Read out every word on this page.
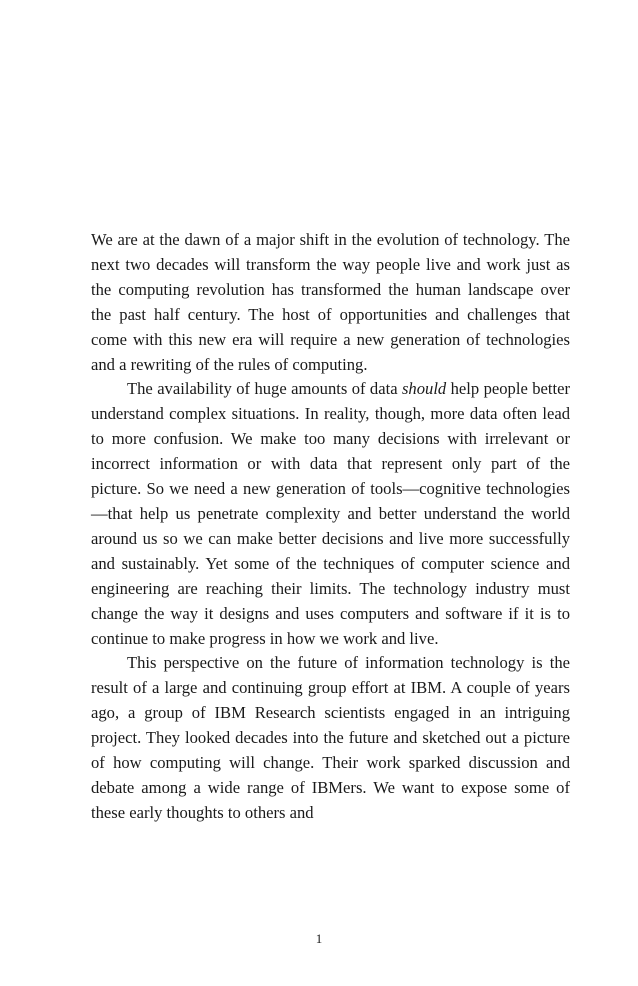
We are at the dawn of a major shift in the evolution of technology. The next two decades will transform the way people live and work just as the computing revolution has transformed the human landscape over the past half century. The host of opportunities and challenges that come with this new era will require a new generation of technologies and a rewriting of the rules of computing.

The availability of huge amounts of data should help people better understand complex situations. In reality, though, more data often lead to more confusion. We make too many decisions with irrelevant or incorrect information or with data that represent only part of the picture. So we need a new generation of tools—cognitive technologies—that help us penetrate complexity and better understand the world around us so we can make better decisions and live more successfully and sustainably. Yet some of the techniques of computer science and engineering are reaching their limits. The technology industry must change the way it designs and uses computers and software if it is to continue to make progress in how we work and live.

This perspective on the future of information technology is the result of a large and continuing group effort at IBM. A couple of years ago, a group of IBM Research scientists engaged in an intriguing project. They looked decades into the future and sketched out a picture of how computing will change. Their work sparked discussion and debate among a wide range of IBMers. We want to expose some of these early thoughts to others and

1
